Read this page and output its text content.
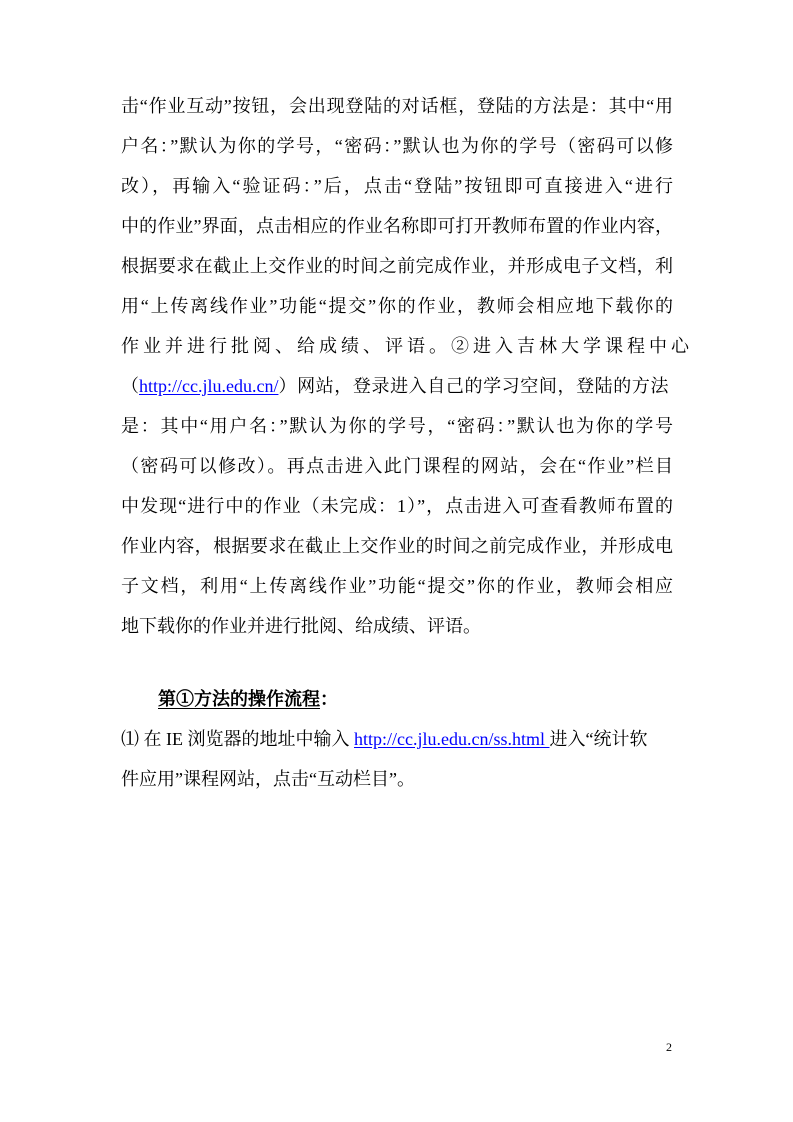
击“作业互动”按钮，会出现登陆的对话框，登陆的方法是：其中“用
户名：”默认为你的学号，“密码：”默认也为你的学号（密码可以修
改），再输入“验证码：”后，点击“登陆”按钮即可直接进入“进行
中的作业”界面，点击相应的作业名称即可打开教师布置的作业内容，
根据要求在截止上交作业的时间之前完成作业，并形成电子文档，利
用“上传离线作业”功能“提交”你的作业，教师会相应地下载你的
作业并进行批阅、给成绩、评语。②进入吉林大学课程中心
（http://cc.jlu.edu.cn/）网站，登录进入自己的学习空间，登陆的方法
是：其中“用户名：”默认为你的学号，“密码：”默认也为你的学号
（密码可以修改）。再点击进入此门课程的网站，会在“作业”栏目
中发现“进行中的作业（未完成：1）”，点击进入可查看教师布置的
作业内容，根据要求在截止上交作业的时间之前完成作业，并形成电
子文档，利用“上传离线作业”功能“提交”你的作业，教师会相应
地下载你的作业并进行批阅、给成绩、评语。
第①方法的操作流程：
⑴ 在 IE 浏览器的地址中输入 http://cc.jlu.edu.cn/ss.html 进入“统计软
件应用”课程网站，点击“互动栏目”。
2
